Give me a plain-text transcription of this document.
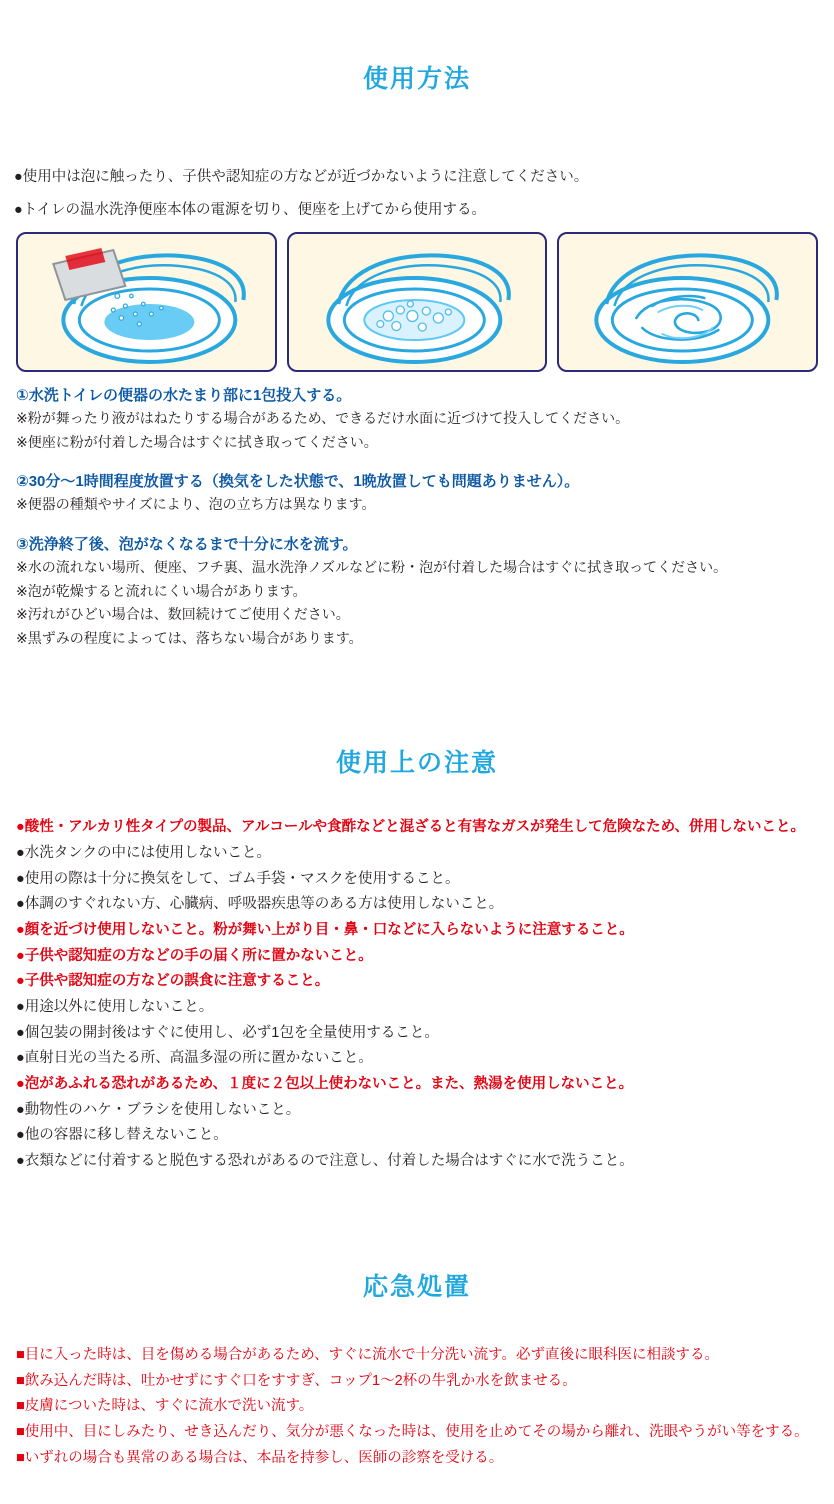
使用方法

●使用中は泡に触ったり、子供や認知症の方などが近づかないように注意してください。

●トイレの温水洗浄便座本体の電源を切り、便座を上げてから使用する。

①水洗トイレの便器の水たまり部に1包投入する。

※粉が舞ったり液がはねたりする場合があるため、できるだけ水面に近づけて投入してください。

※便座に粉が付着した場合はすぐに拭き取ってください。

②30分〜1時間程度放置する（換気をした状態で、1晩放置しても問題ありません）。

※便器の種類やサイズにより、泡の立ち方は異なります。

③洗浄終了後、泡がなくなるまで十分に水を流す。

※水の流れない場所、便座、フチ裏、温水洗浄ノズルなどに粉・泡が付着した場合はすぐに拭き取ってください。

※泡が乾燥すると流れにくい場合があります。

※汚れがひどい場合は、数回続けてご使用ください。

※黒ずみの程度によっては、落ちない場合があります。

使用上の注意

●酸性・アルカリ性タイプの製品、アルコールや食酢などと混ざると有害なガスが発生して危険なため、併用しないこと。

●水洗タンクの中には使用しないこと。

●使用の際は十分に換気をして、ゴム手袋・マスクを使用すること。

●体調のすぐれない方、心臓病、呼吸器疾患等のある方は使用しないこと。

●顔を近づけ使用しないこと。粉が舞い上がり目・鼻・口などに入らないように注意すること。

●子供や認知症の方などの手の届く所に置かないこと。

●子供や認知症の方などの誤食に注意すること。

●用途以外に使用しないこと。

●個包装の開封後はすぐに使用し、必ず1包を全量使用すること。

●直射日光の当たる所、高温多湿の所に置かないこと。

●泡があふれる恐れがあるため、１度に２包以上使わないこと。また、熱湯を使用しないこと。

●動物性のハケ・ブラシを使用しないこと。

●他の容器に移し替えないこと。

●衣類などに付着すると脱色する恐れがあるので注意し、付着した場合はすぐに水で洗うこと。

応急処置

■目に入った時は、目を傷める場合があるため、すぐに流水で十分洗い流す。必ず直後に眼科医に相談する。

■飲み込んだ時は、吐かせずにすぐ口をすすぎ、コップ1〜2杯の牛乳か水を飲ませる。

■皮膚についた時は、すぐに流水で洗い流す。

■使用中、目にしみたり、せき込んだり、気分が悪くなった時は、使用を止めてその場から離れ、洗眼やうがい等をする。

■いずれの場合も異常のある場合は、本品を持参し、医師の診察を受ける。
